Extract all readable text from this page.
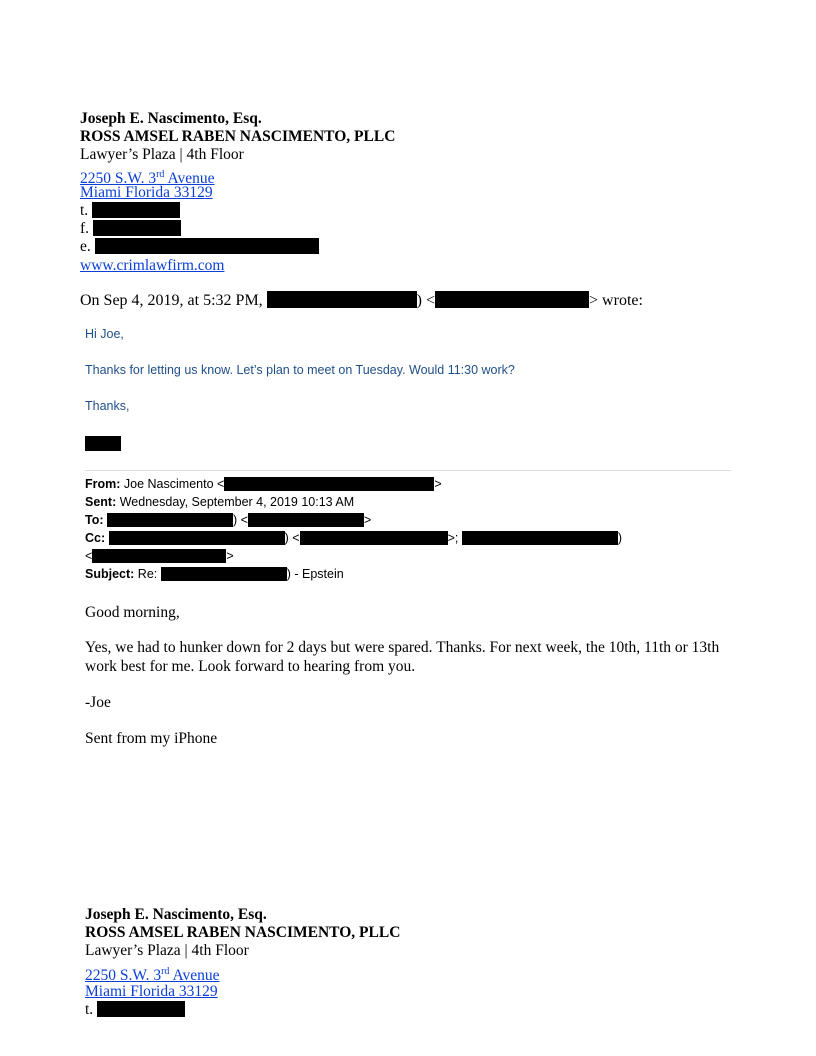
Joseph E. Nascimento, Esq.
ROSS AMSEL RABEN NASCIMENTO, PLLC
Lawyer’s Plaza | 4th Floor
2250 S.W. 3rd Avenue
Miami Florida 33129
t.
f.
e.
www.crimlawfirm.com
On Sep 4, 2019, at 5:32 PM,	) <	> wrote:
Hi Joe,
Thanks for letting us know. Let’s plan to meet on Tuesday. Would 11:30 work?
Thanks,
From: Joe Nascimento <	>
Sent: Wednesday, September 4, 2019 10:13 AM
To:	) <	>
Cc:	) <	>;	)
<	>
Subject: Re:	) - Epstein
Good morning,
Yes, we had to hunker down for 2 days but were spared. Thanks. For next week, the 10th, 11th or 13th work best for me. Look forward to hearing from you.
-Joe
Sent from my iPhone
Joseph E. Nascimento, Esq.
ROSS AMSEL RABEN NASCIMENTO, PLLC
Lawyer’s Plaza | 4th Floor
2250 S.W. 3rd Avenue
Miami Florida 33129
t.
